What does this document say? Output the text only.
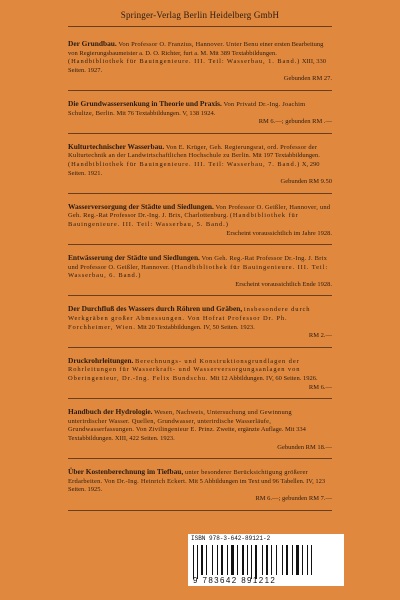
Springer-Verlag Berlin Heidelberg GmbH
Der Grundbau. Von Professor O. Franzius, Hannover. Unter Benu einer ersten Bearbeitung von Regierungsbaumeister a. D. O. Richter, furt a. M. Mit 389 Textabbildungen. (Handbibliothek für Bauingenieure. III. Teil: Wasserbau, 1. Band.) XIII, 330 Seiten. 1927.
Gebunden RM 27.
Die Grundwassersenkung in Theorie und Praxis. Von Privatd Dr.-Ing. Joachim Schultze, Berlin. Mit 76 Textabbildungen. V, 138 1924.
RM 6.—; gebunden RM .—
Kulturtechnischer Wasserbau. Von E. Krüger, Geh. Regierungsrat, ord. Professor der Kulturtechnik an der Landwirtschaftlichen Hochschule zu Berlin. Mit 197 Textabbildungen. (Handbibliothek für Bauingenieure. III. Teil: Wasserbau, 7. Band.) X, 290 Seiten. 1921.
Gebunden RM 9.50
Wasserversorgung der Städte und Siedlungen. Von Professor O. Geißler, Hannover, und Geh. Reg.-Rat Professor Dr.-Ing. J. Brix, Charlottenburg. (Handbibliothek für Bauingenieure. III. Teil: Wasserbau, 5. Band.)
Erscheint voraussichtlich im Jahre 1928.
Entwässerung der Städte und Siedlungen. Von Geh. Reg.-Rat Professor Dr.-Ing. J. Brix und Professor O. Geißler, Hannover. (Handbibliothek für Bauingenieure. III. Teil: Wasserbau, 6. Band.)
Erscheint voraussichtlich Ende 1928.
Der Durchfluß des Wassers durch Röhren und Gräben, insbesondere durch Werkgräben großer Abmessungen. Von Hofrat Professor Dr. Ph. Forchheimer, Wien. Mit 20 Textabbildungen. IV, 50 Seiten. 1923.
RM 2.—
Druckrohrleitungen. Berechnungs- und Konstruktionsgrundlagen der Rohrleitungen für Wasserkraft- und Wasserversorgungsanlagen von Oberingenieur, Dr.-Ing. Felix Bundschu. Mit 12 Abbildungen. IV, 60 Seiten. 1926.
RM 6.—
Handbuch der Hydrologie. Wesen, Nachweis, Untersuchung und Gewinnung unterirdischer Wasser. Quellen, Grundwasser, unterirdische Wasserläufe, Grundwasserfassungen. Von Zivilingenieur E. Prinz. Zweite, ergänzte Auflage. Mit 334 Textabbildungen. XIII, 422 Seiten. 1923.
Gebunden RM 18.—
Über Kostenberechnung im Tiefbau, unter besonderer Berücksichtigung größerer Erdarbeiten. Von Dr.-Ing. Heinrich Eckert. Mit 5 Abbildungen im Text und 96 Tabellen. IV, 123 Seiten. 1925.
RM 6.—; gebunden RM 7.—
ISBN 978-3-642-89121-2
9 783642 891212
